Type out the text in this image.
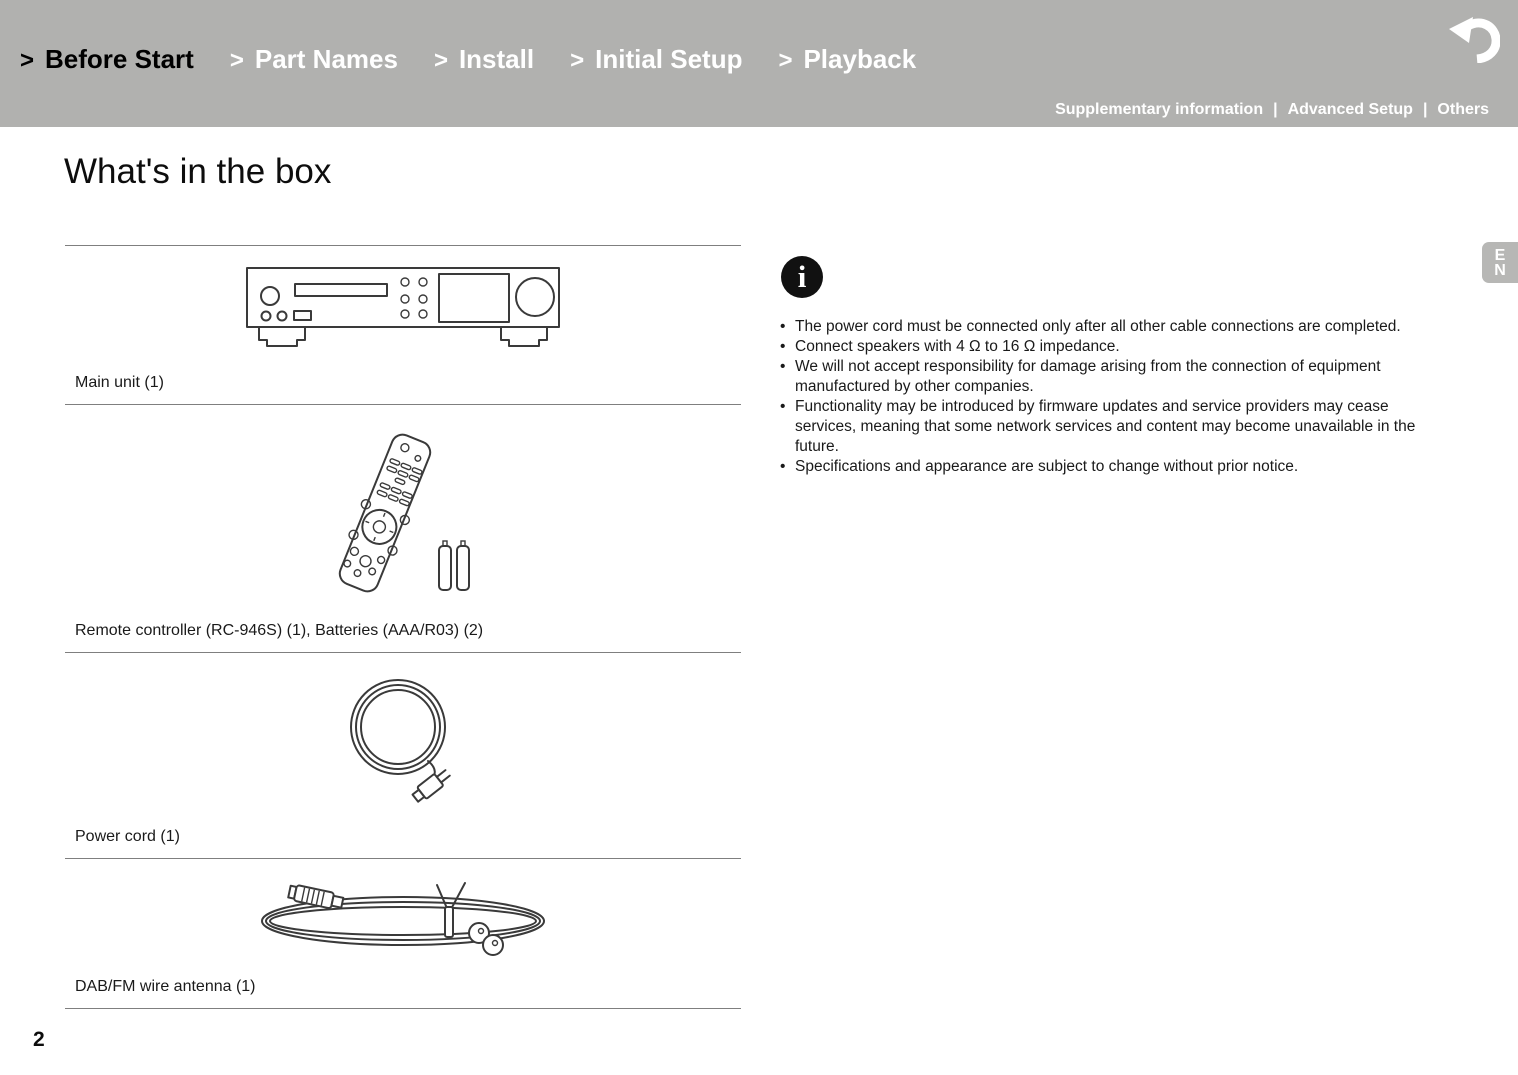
> Before Start > Part Names > Install > Initial Setup > Playback
Supplementary information | Advanced Setup | Others
E
N
What's in the box
Main unit (1)
Remote controller (RC-946S) (1), Batteries (AAA/R03) (2)
Power cord (1)
DAB/FM wire antenna (1)
i
• The power cord must be connected only after all other cable connections are completed.
• Connect speakers with 4 Ω to 16 Ω impedance.
• We will not accept responsibility for damage arising from the connection of equipment manufactured by other companies.
• Functionality may be introduced by firmware updates and service providers may cease services, meaning that some network services and content may become unavailable in the future.
• Specifications and appearance are subject to change without prior notice.
2
